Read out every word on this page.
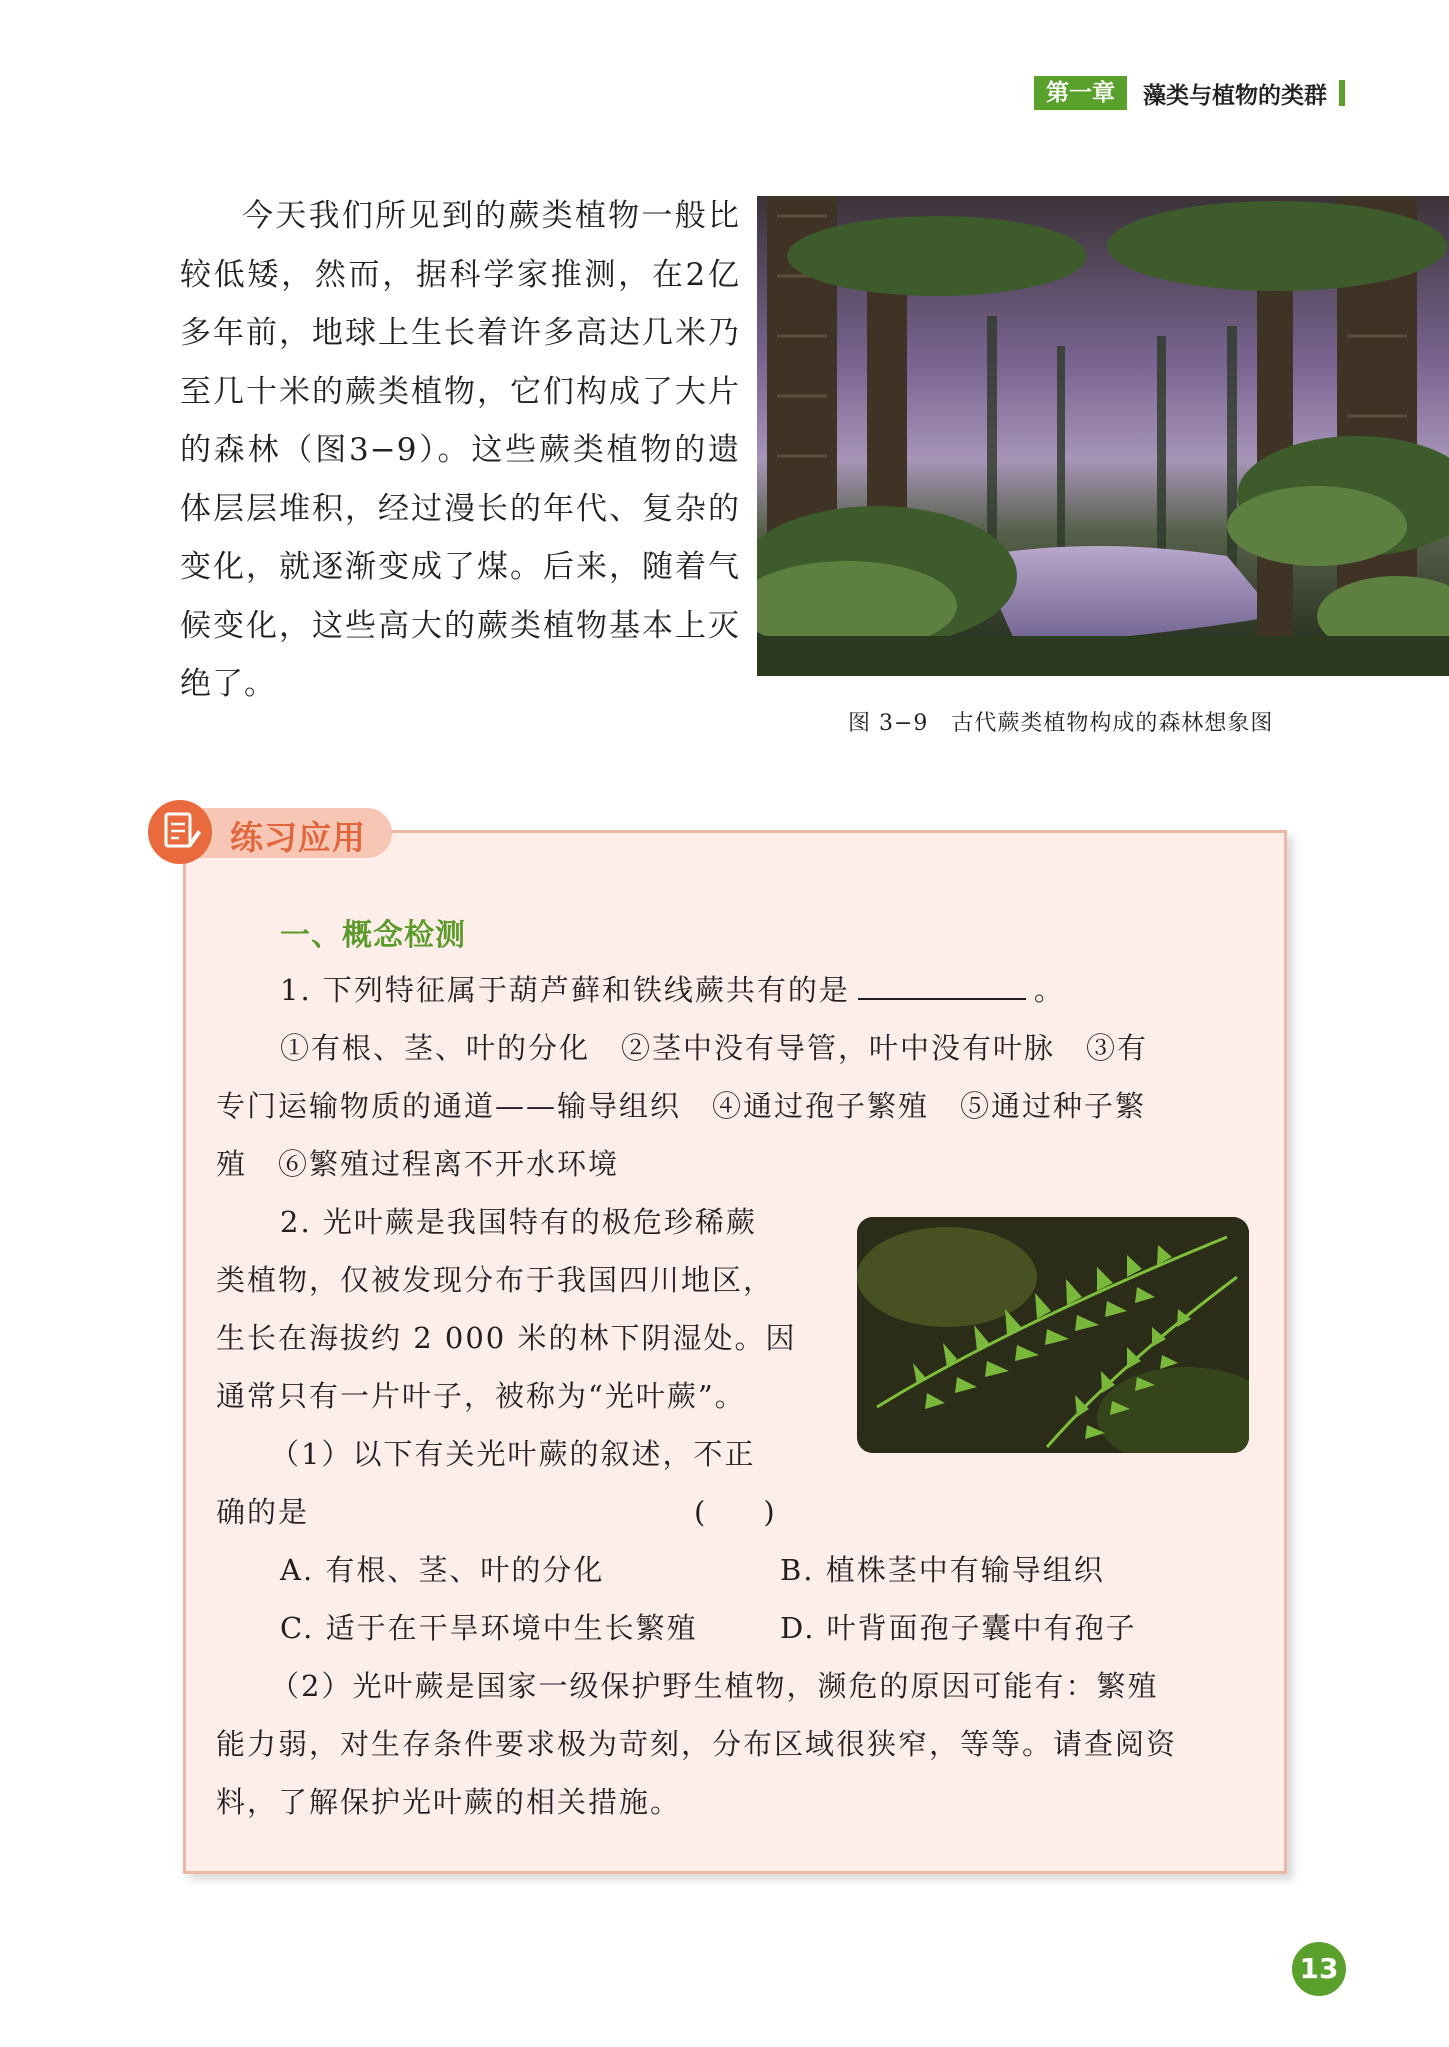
第一章	藻类与植物的类群

今天我们所见到的蕨类植物一般比较低矮，然而，据科学家推测，在2亿多年前，地球上生长着许多高达几米乃至几十米的蕨类植物，它们构成了大片的森林（图3−9）。这些蕨类植物的遗体层层堆积，经过漫长的年代、复杂的变化，就逐渐变成了煤。后来，随着气候变化，这些高大的蕨类植物基本上灭绝了。

图 3−9　古代蕨类植物构成的森林想象图
练习应用
一、概念检测
1. 下列特征属于葫芦藓和铁线蕨共有的是	。
①有根、茎、叶的分化　②茎中没有导管，叶中没有叶脉　③有
专门运输物质的通道——输导组织　④通过孢子繁殖　⑤通过种子繁
殖　⑥繁殖过程离不开水环境
2. 光叶蕨是我国特有的极危珍稀蕨
类植物，仅被发现分布于我国四川地区，
生长在海拔约 2 000 米的林下阴湿处。因
通常只有一片叶子，被称为“光叶蕨”。
（1）以下有关光叶蕨的叙述，不正
确的是	(　　)
A. 有根、茎、叶的分化	B. 植株茎中有输导组织
C. 适于在干旱环境中生长繁殖	D. 叶背面孢子囊中有孢子
（2）光叶蕨是国家一级保护野生植物，濒危的原因可能有：繁殖
能力弱，对生存条件要求极为苛刻，分布区域很狭窄，等等。请查阅资
料，了解保护光叶蕨的相关措施。
13
